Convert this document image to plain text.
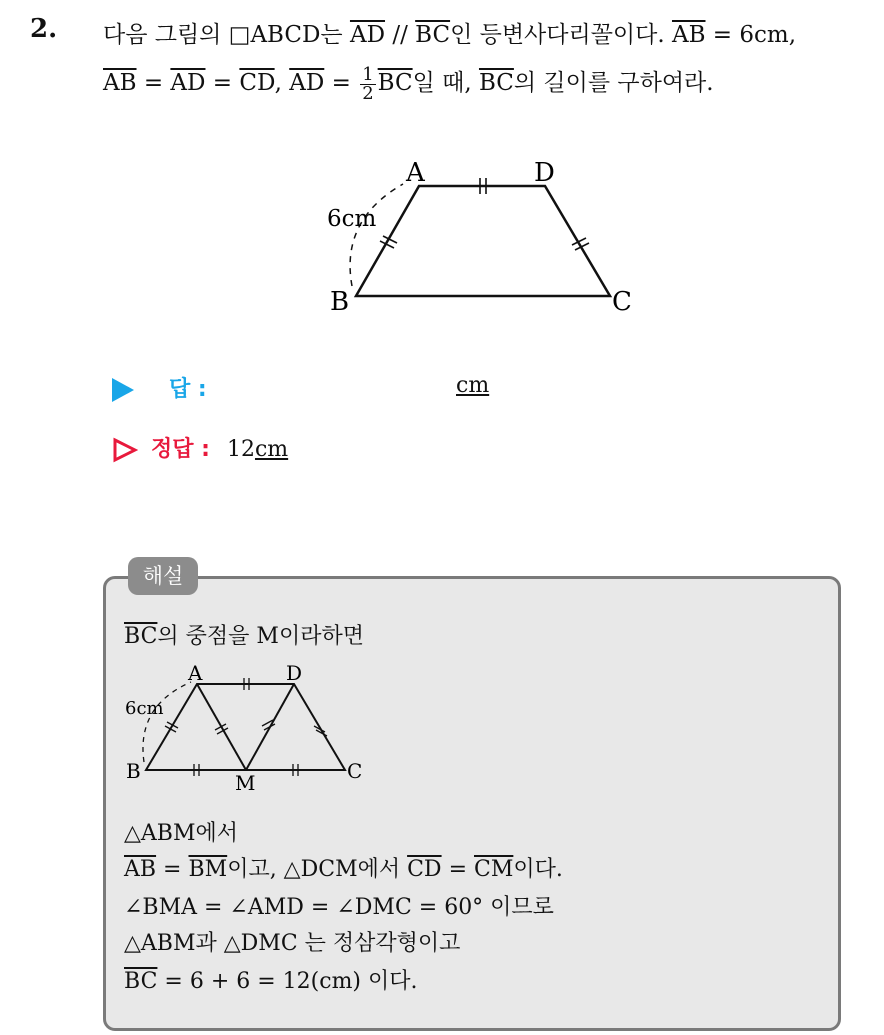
2. 다음 그림의 □ABCD는 $\overline{AD} // \overline{BC}$인 등변사다리꼴이다. $\overline{AB} = 6cm$,
$\overline{AB} = \overline{AD} = \overline{CD}$, $\overline{AD} = \frac{1}{2} \overline{BC}$일 때, $\overline{BC}$의 길이를 구하여라.
A	D
B	C
6cm
답 :	cm
정답 : 12cm
해설
$\overline{BC}$의 중점을 M이라하면
A	D
B	C
M
6cm
△ABM에서
$\overline{AB} = \overline{BM}$이고, △DCM에서 $\overline{CD} = \overline{CM}$이다.
∠BMA = ∠AMD = ∠DMC = 60° 이므로
△ABM과 △DMC 는 정삼각형이고
$\overline{BC} = 6 + 6 = 12(cm)$ 이다.
